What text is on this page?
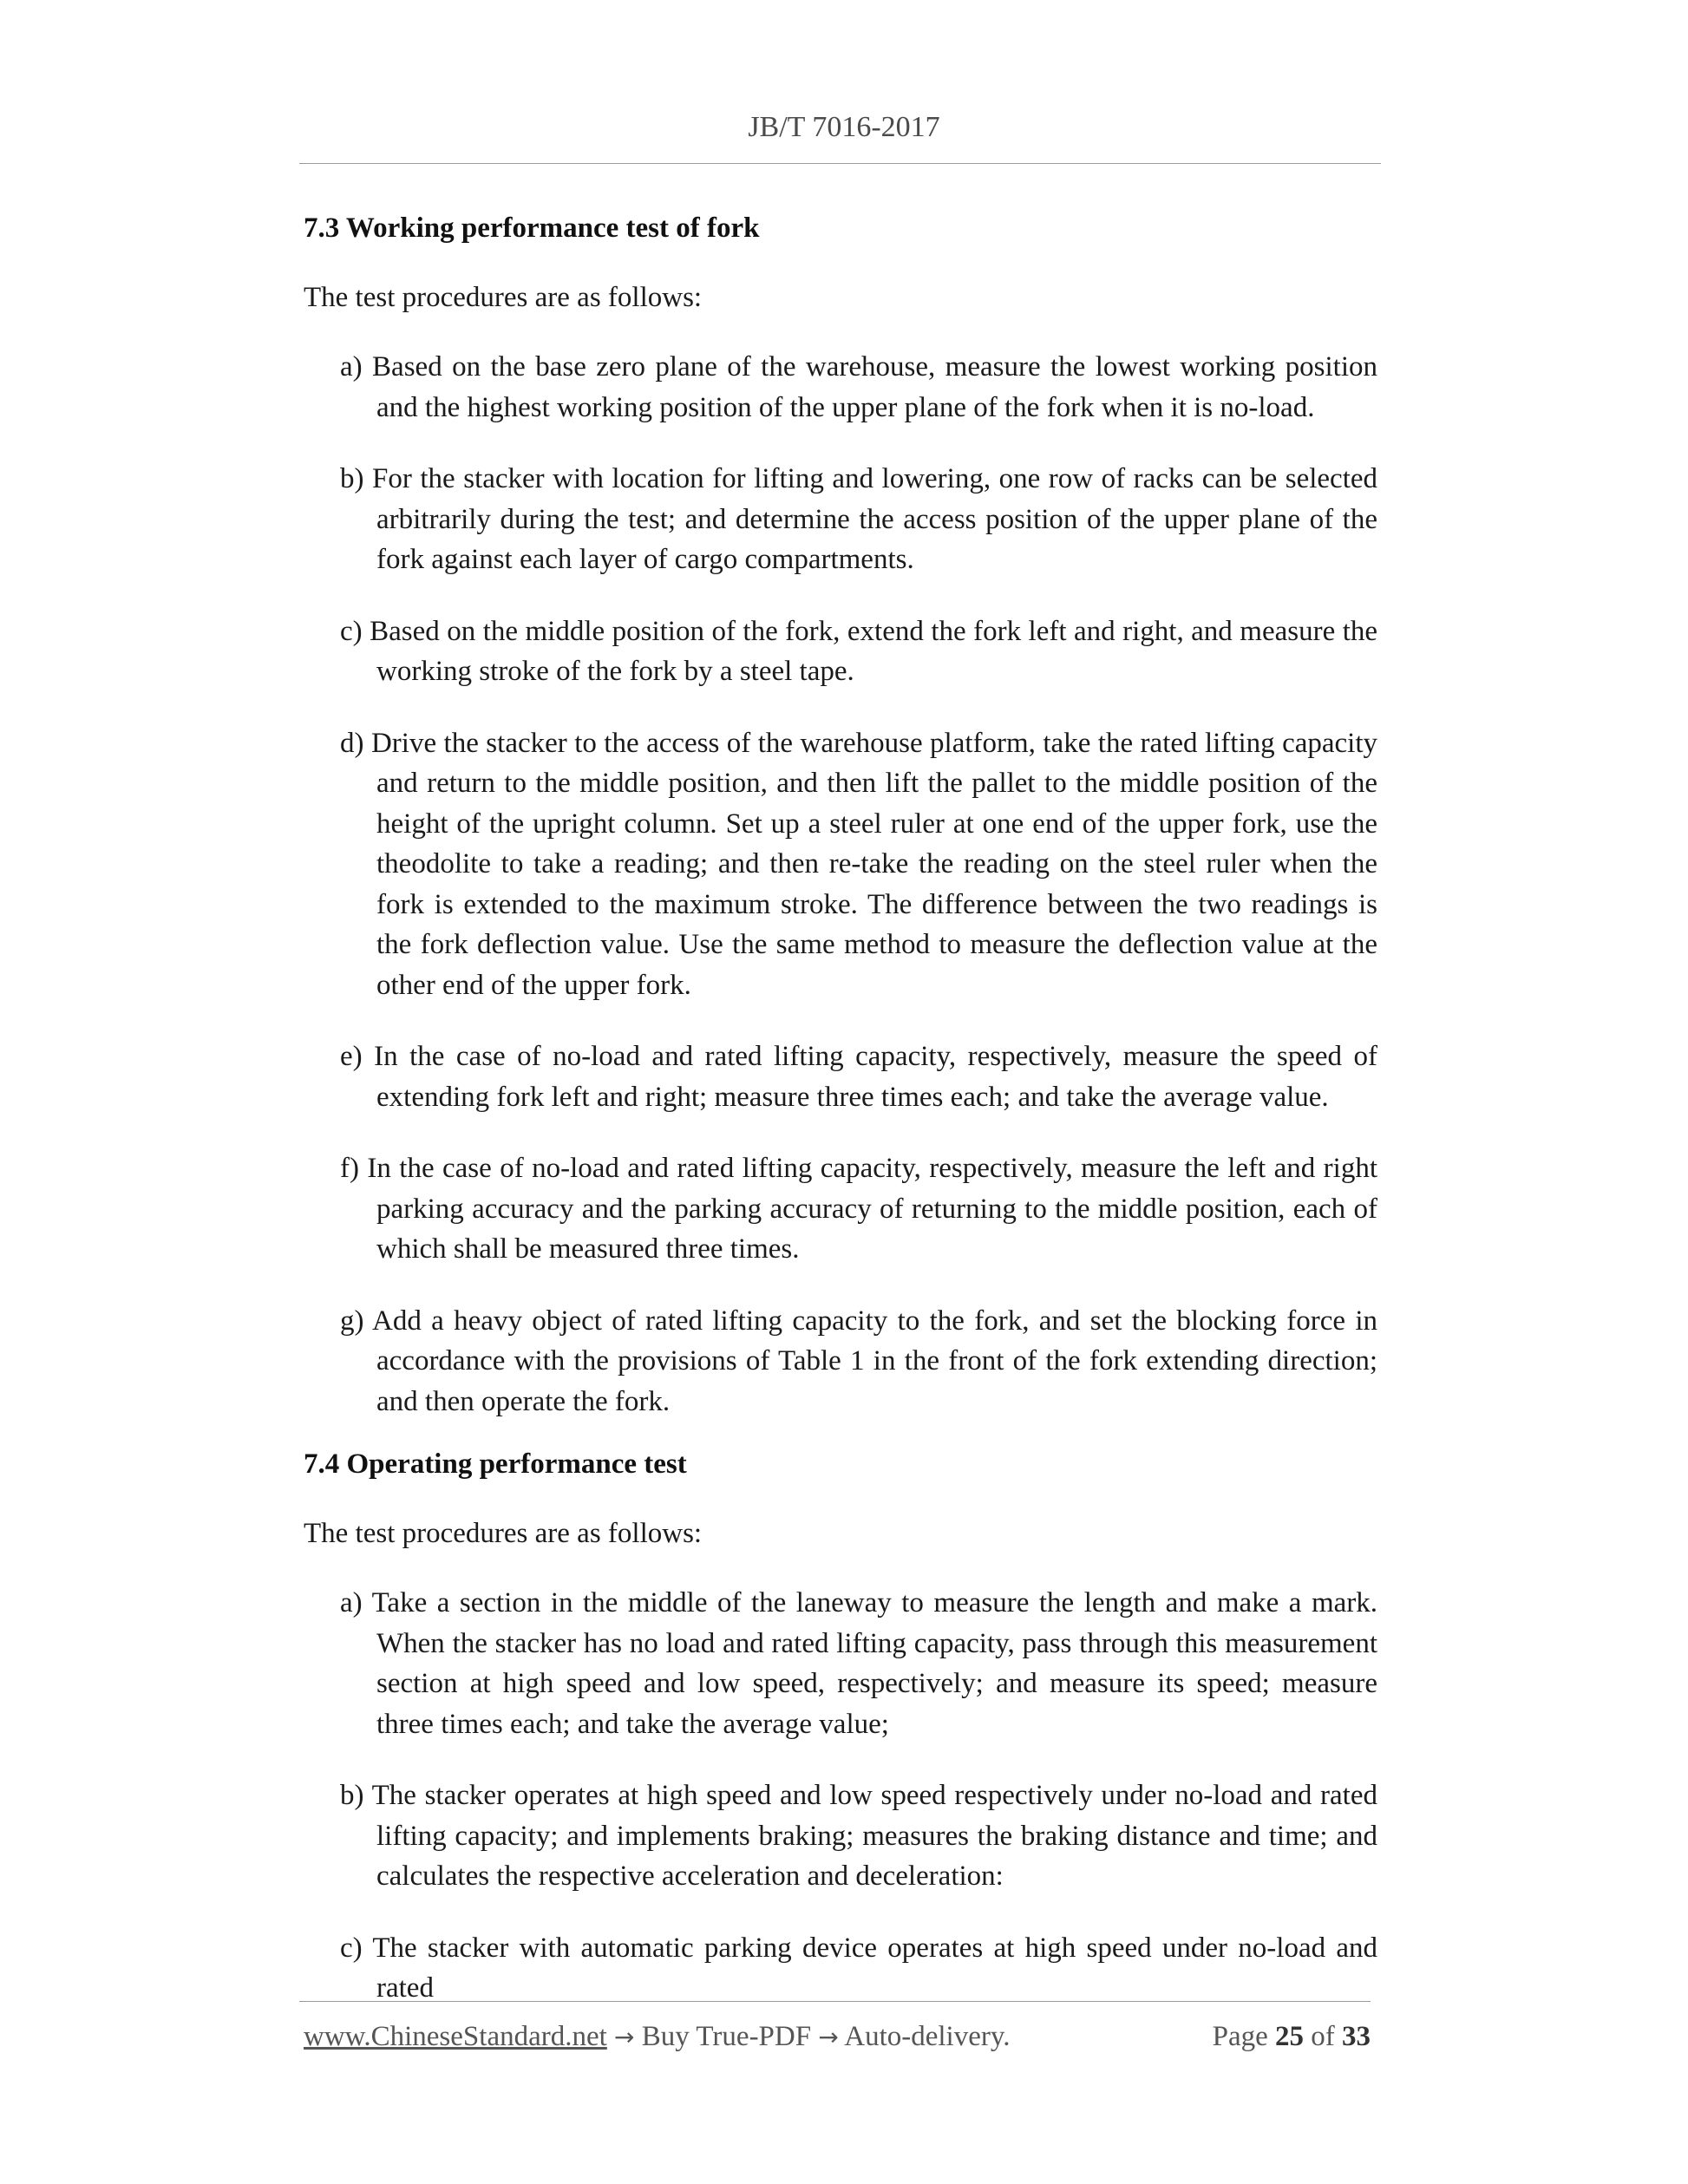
JB/T 7016-2017
7.3 Working performance test of fork
The test procedures are as follows:
a) Based on the base zero plane of the warehouse, measure the lowest working position and the highest working position of the upper plane of the fork when it is no-load.
b) For the stacker with location for lifting and lowering, one row of racks can be selected arbitrarily during the test; and determine the access position of the upper plane of the fork against each layer of cargo compartments.
c) Based on the middle position of the fork, extend the fork left and right, and measure the working stroke of the fork by a steel tape.
d) Drive the stacker to the access of the warehouse platform, take the rated lifting capacity and return to the middle position, and then lift the pallet to the middle position of the height of the upright column. Set up a steel ruler at one end of the upper fork, use the theodolite to take a reading; and then re-take the reading on the steel ruler when the fork is extended to the maximum stroke. The difference between the two readings is the fork deflection value. Use the same method to measure the deflection value at the other end of the upper fork.
e) In the case of no-load and rated lifting capacity, respectively, measure the speed of extending fork left and right; measure three times each; and take the average value.
f) In the case of no-load and rated lifting capacity, respectively, measure the left and right parking accuracy and the parking accuracy of returning to the middle position, each of which shall be measured three times.
g) Add a heavy object of rated lifting capacity to the fork, and set the blocking force in accordance with the provisions of Table 1 in the front of the fork extending direction; and then operate the fork.
7.4 Operating performance test
The test procedures are as follows:
a) Take a section in the middle of the laneway to measure the length and make a mark. When the stacker has no load and rated lifting capacity, pass through this measurement section at high speed and low speed, respectively; and measure its speed; measure three times each; and take the average value;
b) The stacker operates at high speed and low speed respectively under no-load and rated lifting capacity; and implements braking; measures the braking distance and time; and calculates the respective acceleration and deceleration:
c) The stacker with automatic parking device operates at high speed under no-load and rated
www.ChineseStandard.net → Buy True-PDF → Auto-delivery.	Page 25 of 33
